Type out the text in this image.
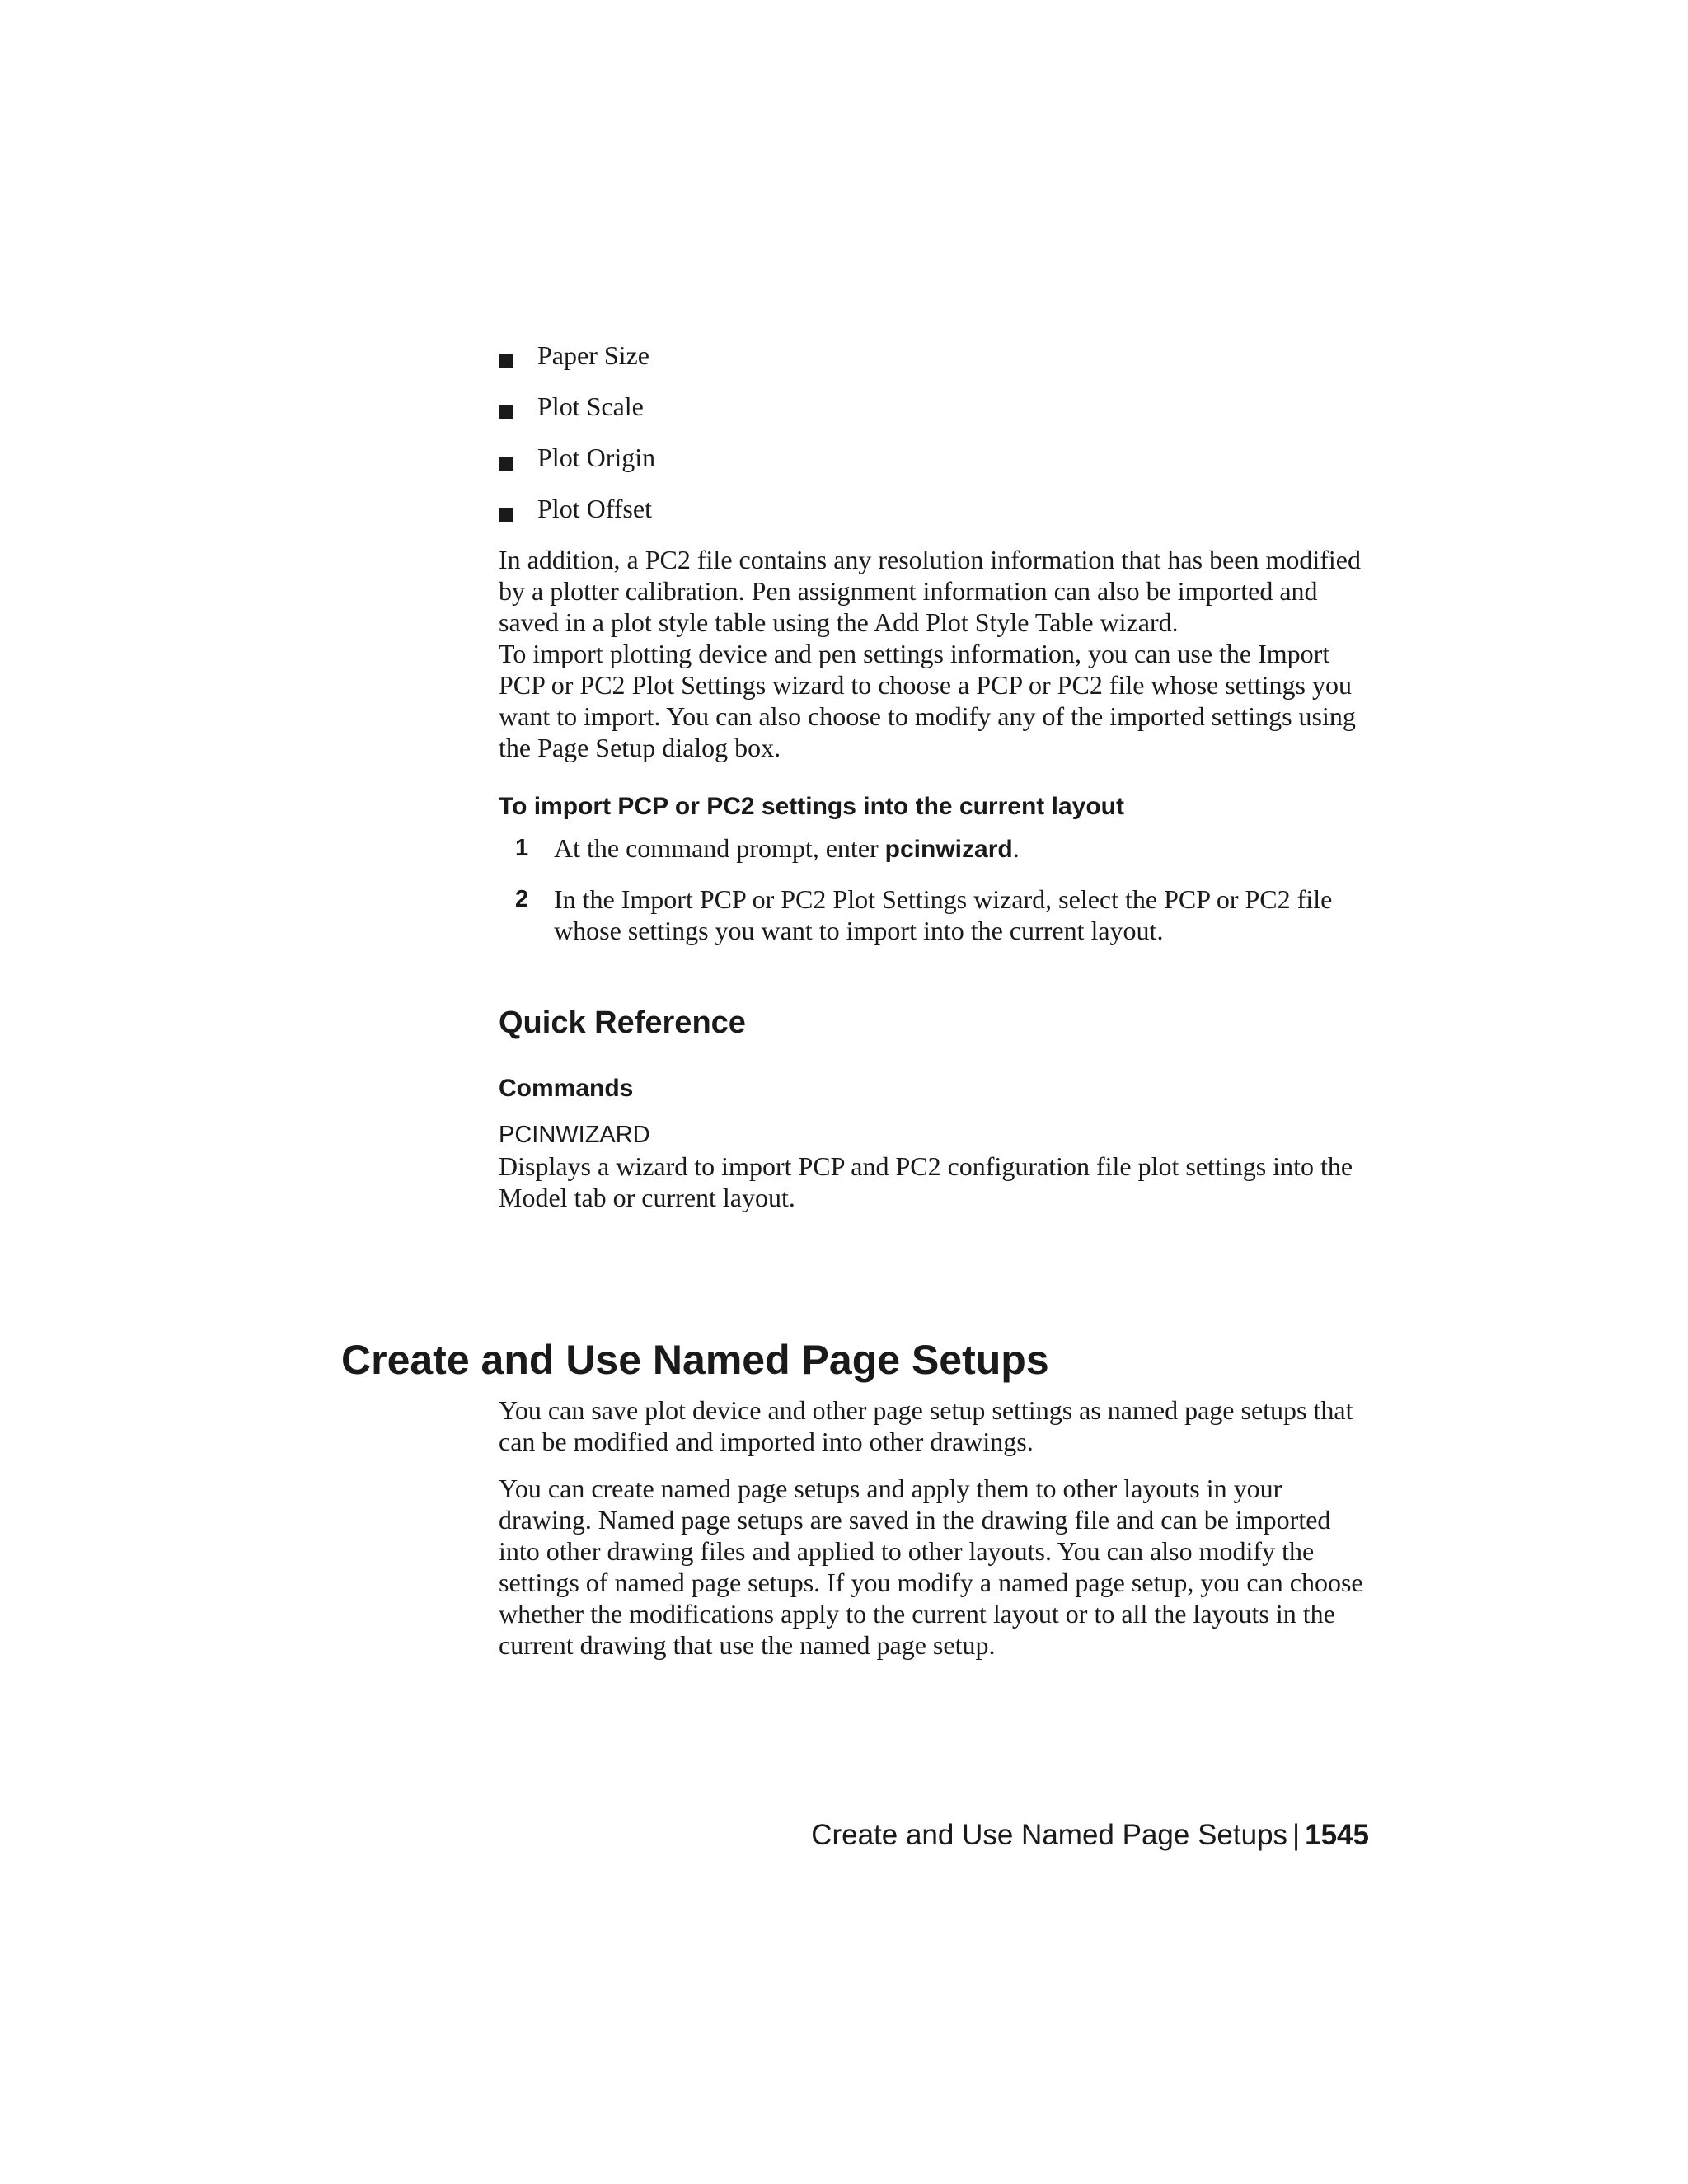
Paper Size
Plot Scale
Plot Origin
Plot Offset

In addition, a PC2 file contains any resolution information that has been modified by a plotter calibration. Pen assignment information can also be imported and saved in a plot style table using the Add Plot Style Table wizard.

To import plotting device and pen settings information, you can use the Import PCP or PC2 Plot Settings wizard to choose a PCP or PC2 file whose settings you want to import. You can also choose to modify any of the imported settings using the Page Setup dialog box.

To import PCP or PC2 settings into the current layout
1 At the command prompt, enter pcinwizard.
2 In the Import PCP or PC2 Plot Settings wizard, select the PCP or PC2 file whose settings you want to import into the current layout.
Quick Reference
Commands
PCINWIZARD

Displays a wizard to import PCP and PC2 configuration file plot settings into the Model tab or current layout.

Create and Use Named Page Setups

You can save plot device and other page setup settings as named page setups that can be modified and imported into other drawings.

You can create named page setups and apply them to other layouts in your drawing. Named page setups are saved in the drawing file and can be imported into other drawing files and applied to other layouts. You can also modify the settings of named page setups. If you modify a named page setup, you can choose whether the modifications apply to the current layout or to all the layouts in the current drawing that use the named page setup.

Create and Use Named Page Setups | 1545
